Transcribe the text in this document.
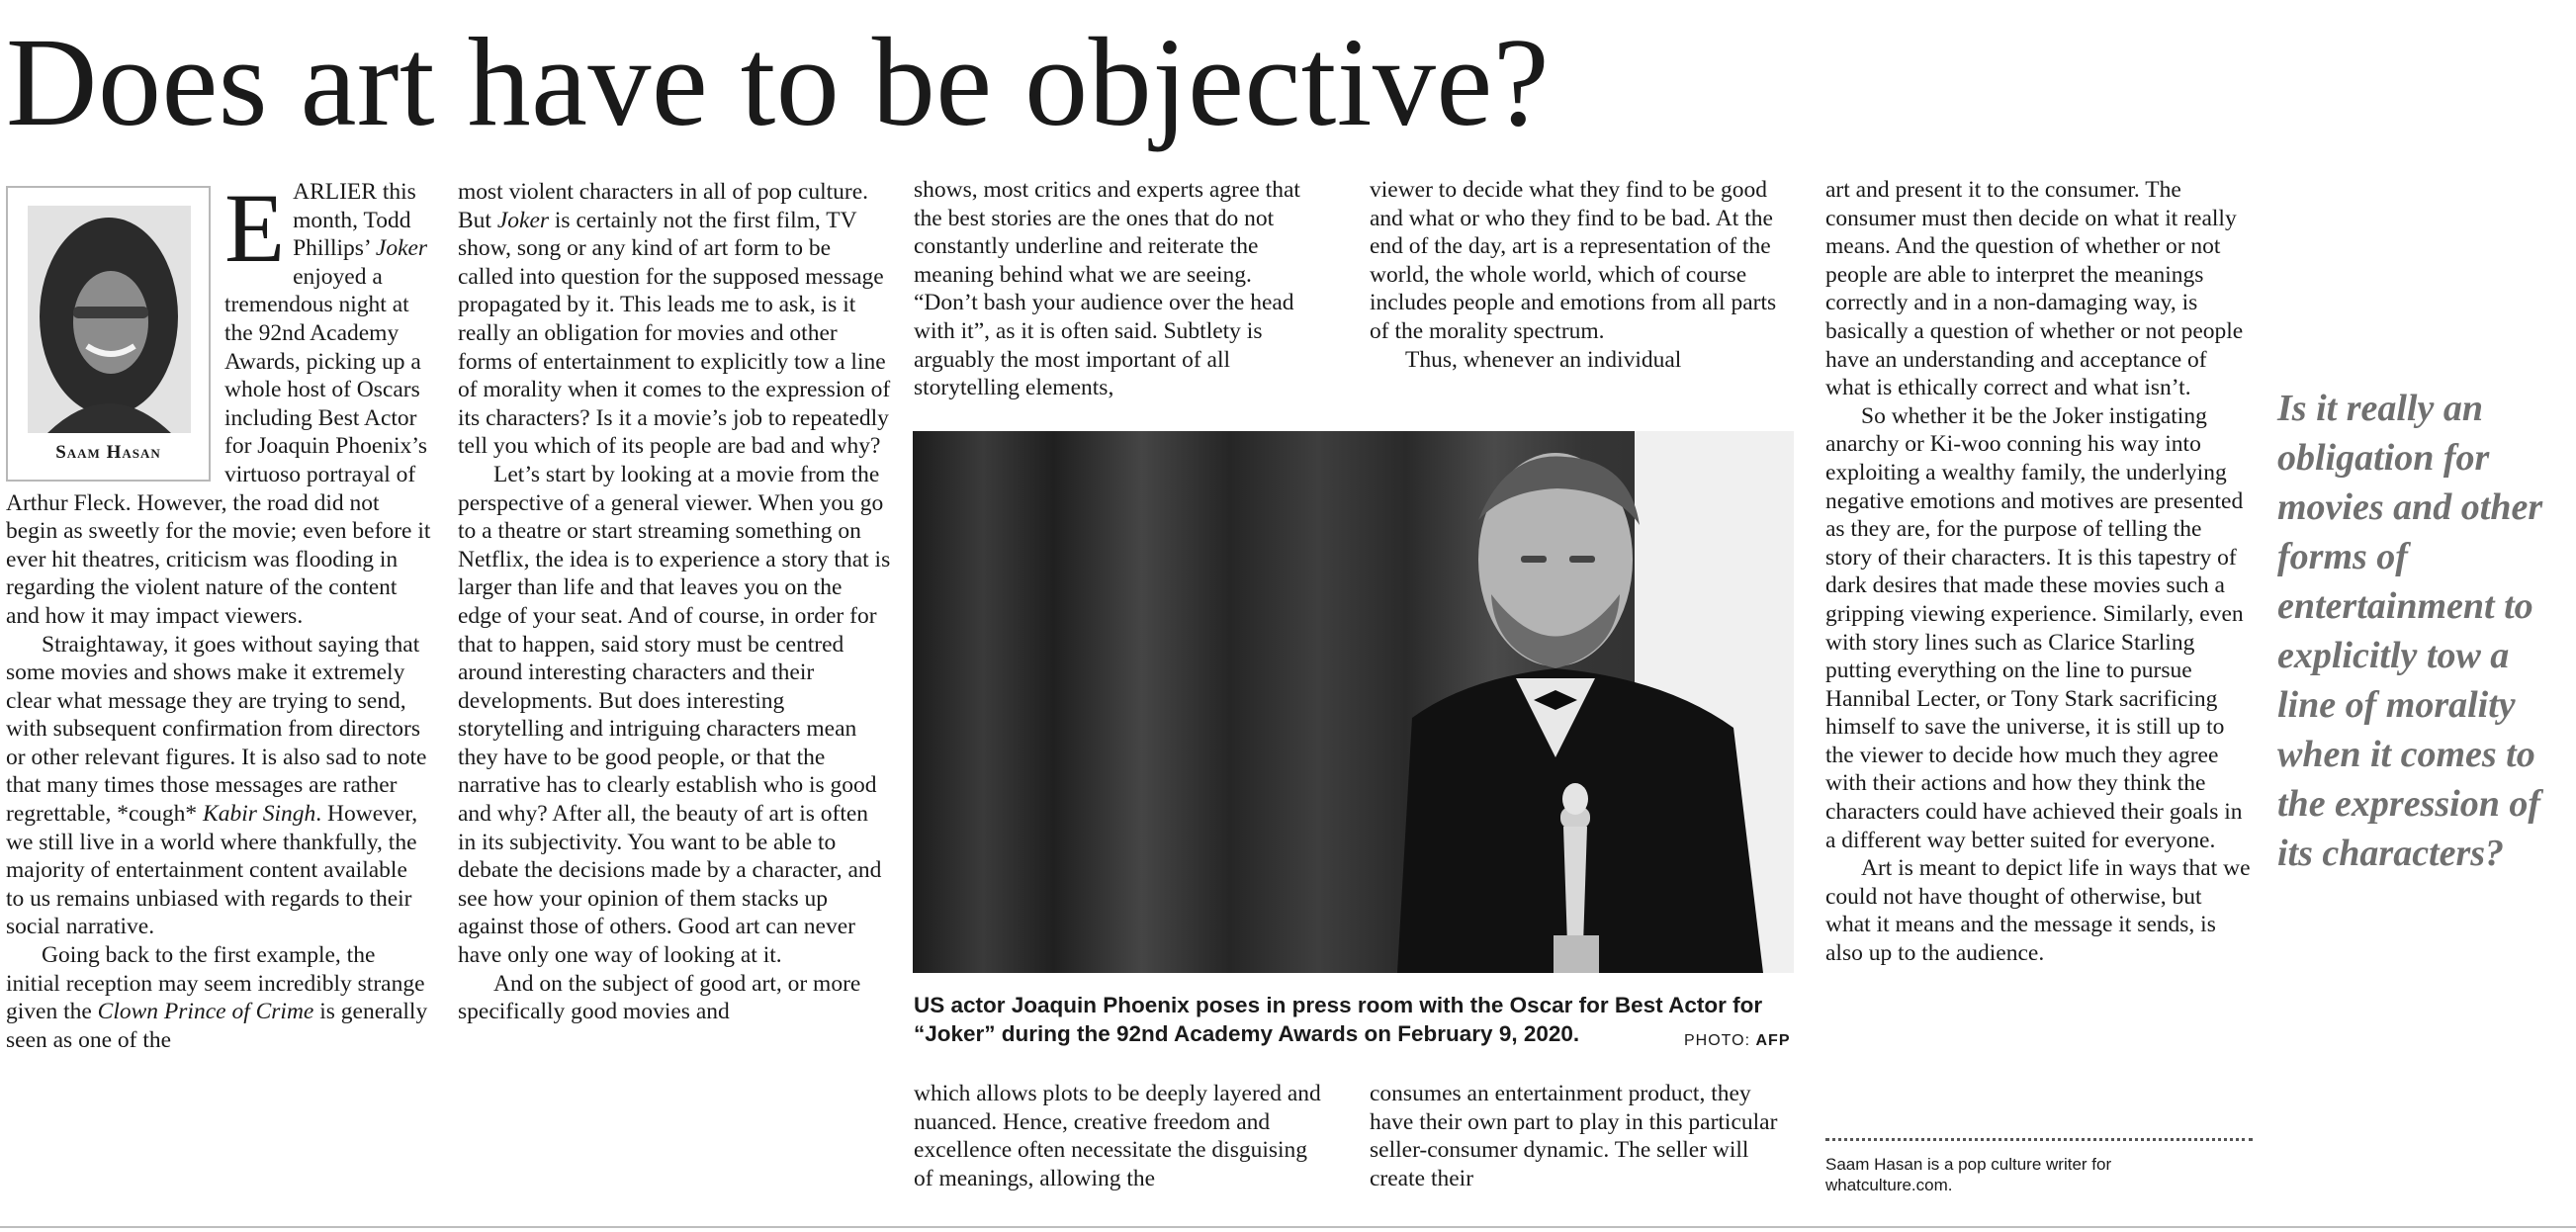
Does art have to be objective?
Saam Hasan

EARLIER this month, Todd Phillips’ Joker enjoyed a tremendous night at the 92nd Academy Awards, picking up a whole host of Oscars including Best Actor for Joaquin Phoenix’s virtuoso portrayal of Arthur Fleck. However, the road did not begin as sweetly for the movie; even before it ever hit theatres, criticism was flooding in regarding the violent nature of the content and how it may impact viewers.

Straightaway, it goes without saying that some movies and shows make it extremely clear what message they are trying to send, with subsequent confirmation from directors or other relevant figures. It is also sad to note that many times those messages are rather regrettable, *cough* Kabir Singh. However, we still live in a world where thankfully, the majority of entertainment content available to us remains unbiased with regards to their social narrative.

Going back to the first example, the initial reception may seem incredibly strange given the Clown Prince of Crime is generally seen as one of the

most violent characters in all of pop culture. But Joker is certainly not the first film, TV show, song or any kind of art form to be called into question for the supposed message propagated by it. This leads me to ask, is it really an obligation for movies and other forms of entertainment to explicitly tow a line of morality when it comes to the expression of its characters? Is it a movie’s job to repeatedly tell you which of its people are bad and why?

Let’s start by looking at a movie from the perspective of a general viewer. When you go to a theatre or start streaming something on Netflix, the idea is to experience a story that is larger than life and that leaves you on the edge of your seat. And of course, in order for that to happen, said story must be centred around interesting characters and their developments. But does interesting storytelling and intriguing characters mean they have to be good people, or that the narrative has to clearly establish who is good and why? After all, the beauty of art is often in its subjectivity. You want to be able to debate the decisions made by a character, and see how your opinion of them stacks up against those of others. Good art can never have only one way of looking at it.

And on the subject of good art, or more specifically good movies and

shows, most critics and experts agree that the best stories are the ones that do not constantly underline and reiterate the meaning behind what we are seeing. “Don’t bash your audience over the head with it”, as it is often said. Subtlety is arguably the most important of all storytelling elements,

viewer to decide what they find to be good and what or who they find to be bad. At the end of the day, art is a representation of the world, the whole world, which of course includes people and emotions from all parts of the morality spectrum.

Thus, whenever an individual

US actor Joaquin Phoenix poses in press room with the Oscar for Best Actor for “Joker” during the 92nd Academy Awards on February 9, 2020.	PHOTO: AFP

which allows plots to be deeply layered and nuanced. Hence, creative freedom and excellence often necessitate the disguising of meanings, allowing the

consumes an entertainment product, they have their own part to play in this particular seller-consumer dynamic. The seller will create their

art and present it to the consumer. The consumer must then decide on what it really means. And the question of whether or not people are able to interpret the meanings correctly and in a non-damaging way, is basically a question of whether or not people have an understanding and acceptance of what is ethically correct and what isn’t.

So whether it be the Joker instigating anarchy or Ki-woo conning his way into exploiting a wealthy family, the underlying negative emotions and motives are presented as they are, for the purpose of telling the story of their characters. It is this tapestry of dark desires that made these movies such a gripping viewing experience. Similarly, even with story lines such as Clarice Starling putting everything on the line to pursue Hannibal Lecter, or Tony Stark sacrificing himself to save the universe, it is still up to the viewer to decide how much they agree with their actions and how they think the characters could have achieved their goals in a different way better suited for everyone.

Art is meant to depict life in ways that we could not have thought of otherwise, but what it means and the message it sends, is also up to the audience.

Saam Hasan is a pop culture writer for whatculture.com.
Is it really an obligation for movies and other forms of entertainment to explicitly tow a line of morality when it comes to the expression of its characters?
